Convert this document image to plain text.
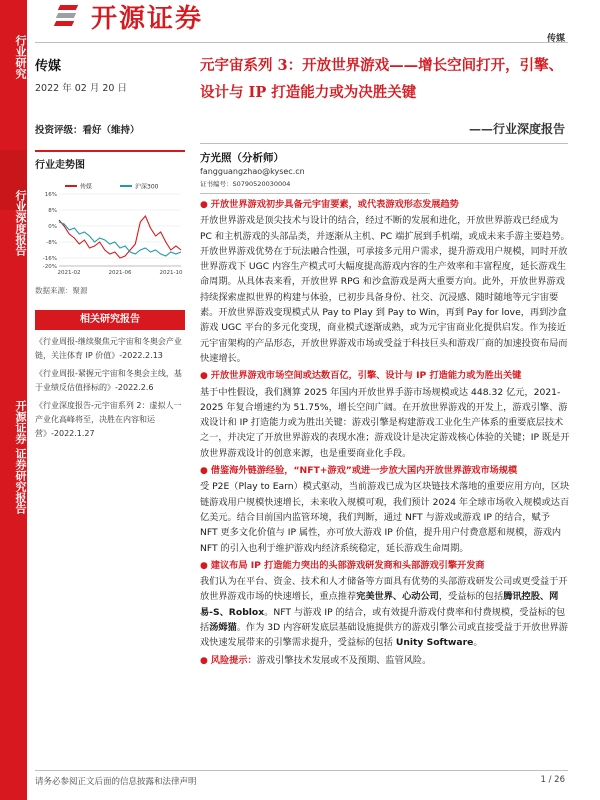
行业研究
行业深度报告
开源证券 证券研究报告
开源证券
传媒
传媒
2022 年 02 月 20 日
投资评级：看好（维持）
行业走势图
传媒	沪深300
16%
8%
0%
-8%
-16%
-20%
2021-02	2021-06	2021-10
数据来源：聚源
相关研究报告

《行业周报-继续聚焦元宇宙和冬奥会产业链，关注体育 IP 价值》-2022.2.13

《行业周报-紧握元宇宙和冬奥会主线，基于业绩反估值择标的》-2022.2.6

《行业深度报告-元宇宙系列 2：虚拟人一产业化高峰将至，决胜在内容和运营》-2022.1.27

元宇宙系列 3：开放世界游戏——增长空间打开，引擎、设计与 IP 打造能力或为决胜关键
——行业深度报告
方光照（分析师）
fangguangzhao@kysec.cn
证书编号：S0790520030004
● 开放世界游戏初步具备元宇宙要素，或代表游戏形态发展趋势
开放世界游戏是顶尖技术与设计的结合，经过不断的发展和进化，开放世界游戏已经成为 PC 和主机游戏的头部品类，并逐渐从主机、PC 端扩展到手机端，或成未来手游主要趋势。开放世界游戏优势在于玩法融合性强，可承接多元用户需求，提升游戏用户规模，同时开放世界游戏下 UGC 内容生产模式可大幅度提高游戏内容的生产效率和丰富程度，延长游戏生命周期。从具体表来看，开放世界 RPG 和沙盒游戏是两大重要方向。此外，开放世界游戏持续探索虚拟世界的构建与体验，已初步具备身份、社交、沉浸感、随时随地等元宇宙要素。开放世界游戏变现模式从 Pay to Play 到 Pay to Win，再到 Pay for love，再到沙盒游戏 UGC 平台的多元化变现，商业模式逐渐成熟，或为元宇宙商业化提供启发。作为接近元宇宙架构的产品形态，开放世界游戏市场或受益于科技巨头和游戏厂商的加速投资布局而快速增长。
● 开放世界游戏市场空间或达数百亿，引擎、设计与 IP 打造能力或为胜出关键
基于中性假设，我们测算 2025 年国内开放世界手游市场规模或达 448.32 亿元，2021-2025 年复合增速约为 51.75%，增长空间广阔。在开放世界游戏的开发上，游戏引擎、游戏设计和 IP 打造能力或为胜出关键：游戏引擎是构建游戏工业化生产体系的重要底层技术之一，并决定了开放世界游戏的表现水准；游戏设计是决定游戏核心体验的关键；IP 既是开放世界游戏设计的创意来源，也是重要商业化手段。
● 借鉴海外链游经验，“NFT+游戏”或进一步放大国内开放世界游戏市场规模
受 P2E（Play to Earn）模式驱动，当前游戏已成为区块链技术落地的重要应用方向，区块链游戏用户规模快速增长，未来收入规模可观，我们预计 2024 年全球市场收入规模或达百亿美元。结合目前国内监管环境，我们判断，通过 NFT 与游戏或游戏 IP 的结合，赋予 NFT 更多文化价值与 IP 属性，亦可放大游戏 IP 价值，提升用户付费意愿和规模，游戏内 NFT 的引入也利于维护游戏内经济系统稳定，延长游戏生命周期。
● 建议布局 IP 打造能力突出的头部游戏研发商和头部游戏引擎开发商
我们认为在平台、资金、技术和人才储备等方面具有优势的头部游戏研发公司或更受益于开放世界游戏市场的快速增长，重点推荐完美世界、心动公司，受益标的包括腾讯控股、网易-S、Roblox。NFT 与游戏 IP 的结合，或有效提升游戏付费率和付费规模，受益标的包括汤姆猫。作为 3D 内容研发底层基础设施提供方的游戏引擎公司或直接受益于开放世界游戏快速发展带来的引擎需求提升，受益标的包括 Unity Software。
● 风险提示：游戏引擎技术发展或不及预期、监管风险。
请务必参阅正文后面的信息披露和法律声明	1 / 26
